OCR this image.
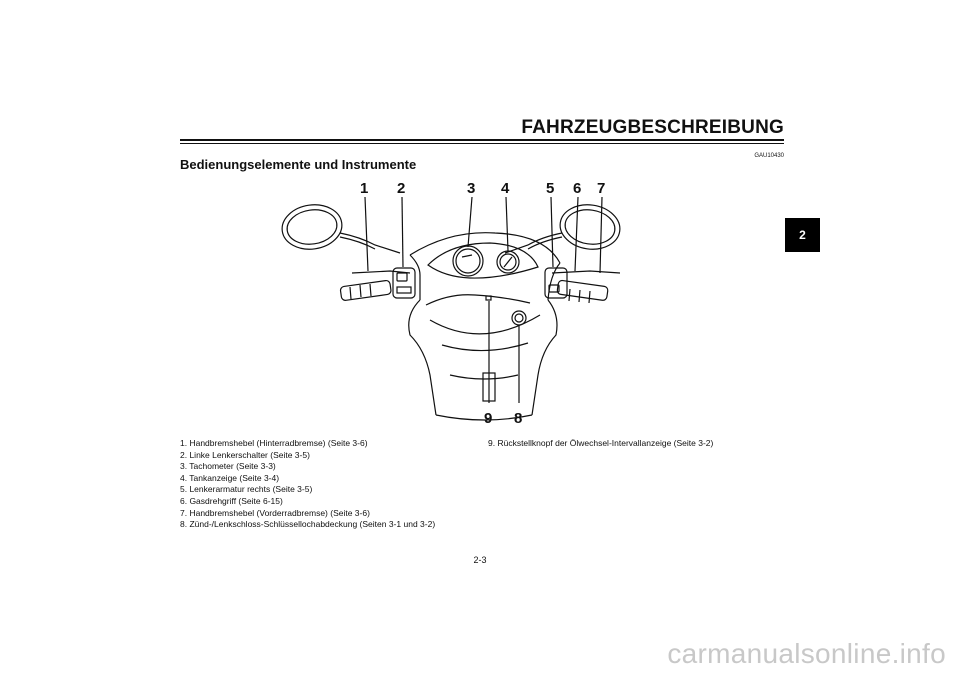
FAHRZEUGBESCHREIBUNG
GAU10430
Bedienungselemente und Instrumente
2
1 2	3 4 5 6 7
9 8
1. Handbremshebel (Hinterradbremse) (Seite 3-6)
2. Linke Lenkerschalter (Seite 3-5)
3. Tachometer (Seite 3-3)
4. Tankanzeige (Seite 3-4)
5. Lenkerarmatur rechts (Seite 3-5)
6. Gasdrehgriff (Seite 6-15)
7. Handbremshebel (Vorderradbremse) (Seite 3-6)
8. Zünd-/Lenkschloss-Schlüssellochabdeckung (Seiten 3-1 und 3-2)
9. Rückstellknopf der Ölwechsel-Intervallanzeige (Seite 3-2)
2-3
carmanualsonline.info
